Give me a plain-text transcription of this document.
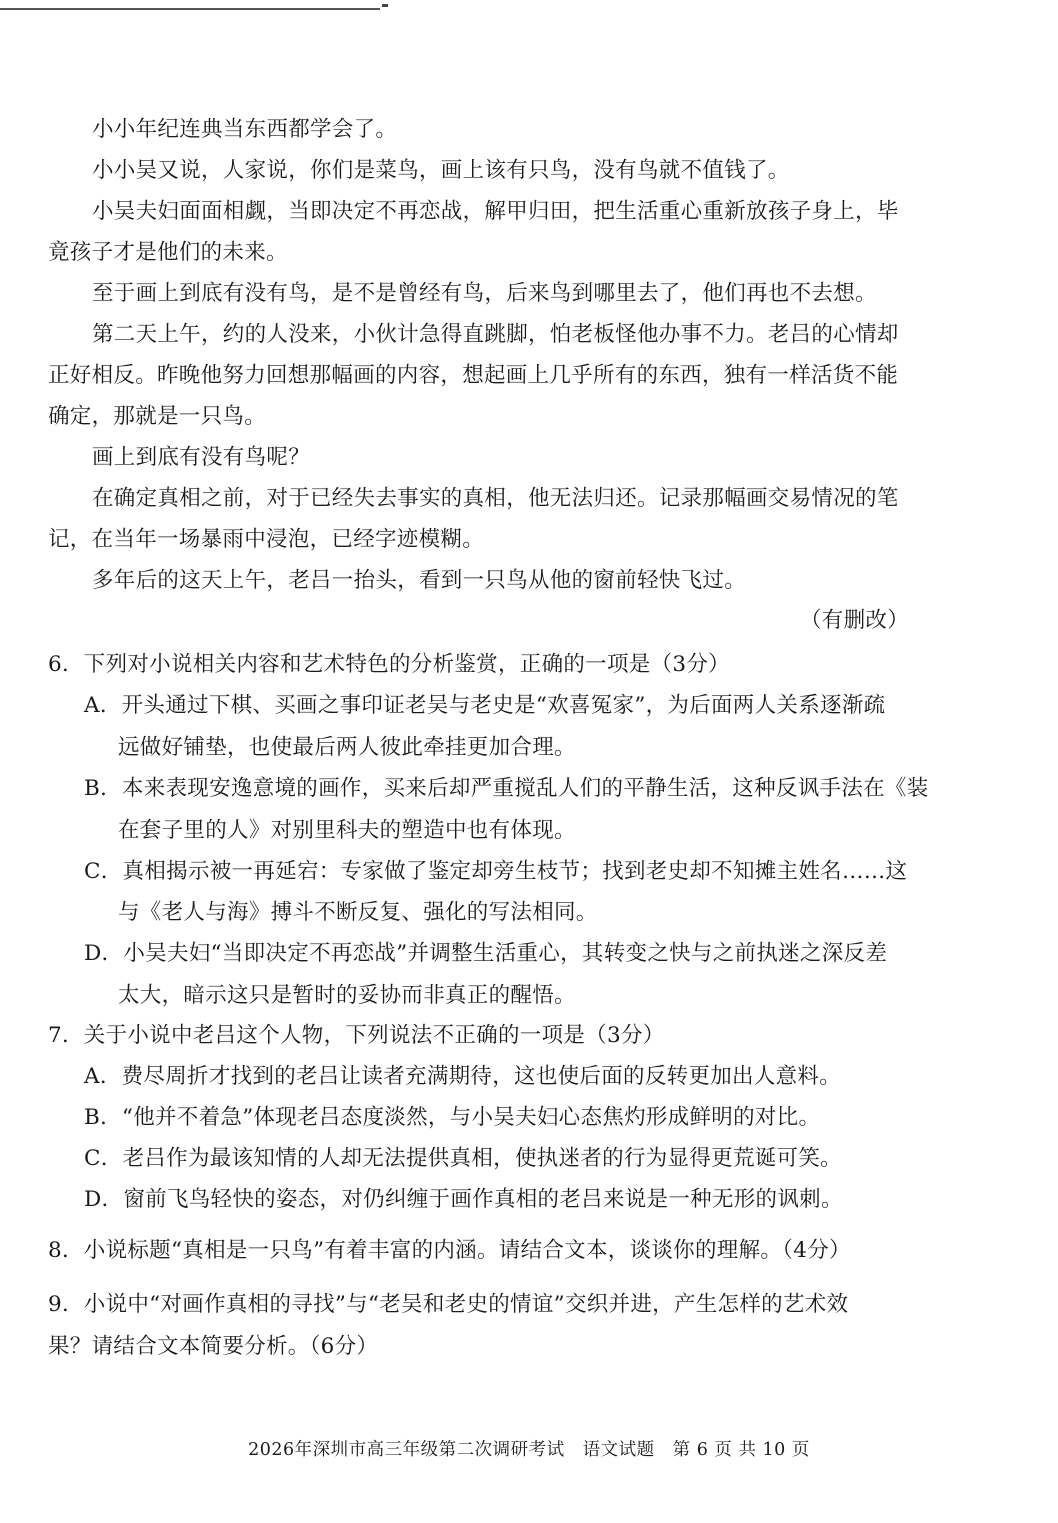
小小年纪连典当东西都学会了。
小小吴又说，人家说，你们是菜鸟，画上该有只鸟，没有鸟就不值钱了。
小吴夫妇面面相觑，当即决定不再恋战，解甲归田，把生活重心重新放孩子身上，毕
竟孩子才是他们的未来。
至于画上到底有没有鸟，是不是曾经有鸟，后来鸟到哪里去了，他们再也不去想。
第二天上午，约的人没来，小伙计急得直跳脚，怕老板怪他办事不力。老吕的心情却
正好相反。昨晚他努力回想那幅画的内容，想起画上几乎所有的东西，独有一样活货不能
确定，那就是一只鸟。
画上到底有没有鸟呢？
在确定真相之前，对于已经失去事实的真相，他无法归还。记录那幅画交易情况的笔
记，在当年一场暴雨中浸泡，已经字迹模糊。
多年后的这天上午，老吕一抬头，看到一只鸟从他的窗前轻快飞过。
（有删改）
6．下列对小说相关内容和艺术特色的分析鉴赏，正确的一项是（3分）
A．开头通过下棋、买画之事印证老吴与老史是“欢喜冤家”，为后面两人关系逐渐疏
远做好铺垫，也使最后两人彼此牵挂更加合理。
B．本来表现安逸意境的画作，买来后却严重搅乱人们的平静生活，这种反讽手法在《装
在套子里的人》对别里科夫的塑造中也有体现。
C．真相揭示被一再延宕：专家做了鉴定却旁生枝节；找到老史却不知摊主姓名……这
与《老人与海》搏斗不断反复、强化的写法相同。
D．小吴夫妇“当即决定不再恋战”并调整生活重心，其转变之快与之前执迷之深反差
太大，暗示这只是暂时的妥协而非真正的醒悟。
7．关于小说中老吕这个人物，下列说法不正确的一项是（3分）
A．费尽周折才找到的老吕让读者充满期待，这也使后面的反转更加出人意料。
B．“他并不着急”体现老吕态度淡然，与小吴夫妇心态焦灼形成鲜明的对比。
C．老吕作为最该知情的人却无法提供真相，使执迷者的行为显得更荒诞可笑。
D．窗前飞鸟轻快的姿态，对仍纠缠于画作真相的老吕来说是一种无形的讽刺。
8．小说标题“真相是一只鸟”有着丰富的内涵。请结合文本，谈谈你的理解。（4分）
9．小说中“对画作真相的寻找”与“老吴和老史的情谊”交织并进，产生怎样的艺术效
果？请结合文本简要分析。（6分）
2026年深圳市高三年级第二次调研考试　语文试题　第 6 页 共 10 页
